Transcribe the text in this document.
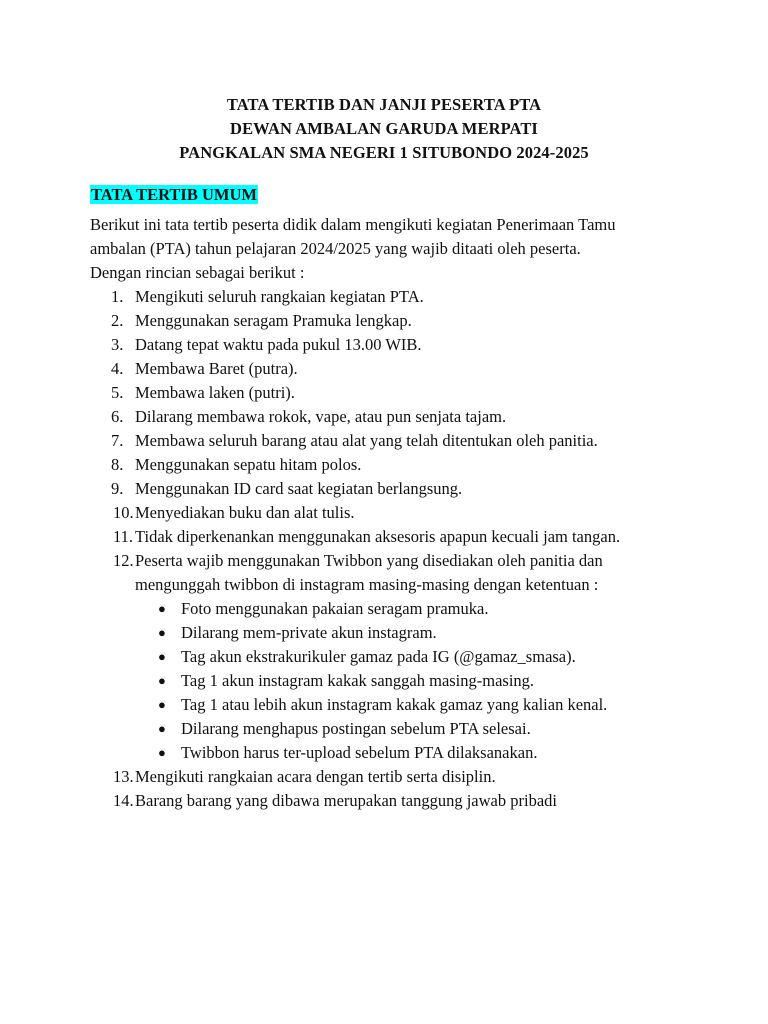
TATA TERTIB DAN JANJI PESERTA PTA
DEWAN AMBALAN GARUDA MERPATI
PANGKALAN SMA NEGERI 1 SITUBONDO 2024-2025
TATA TERTIB UMUM
Berikut ini tata tertib peserta didik dalam mengikuti kegiatan Penerimaan Tamu
ambalan (PTA) tahun pelajaran 2024/2025 yang wajib ditaati oleh peserta.
Dengan rincian sebagai berikut :
1. Mengikuti seluruh rangkaian kegiatan PTA.
2. Menggunakan seragam Pramuka lengkap.
3. Datang tepat waktu pada pukul 13.00 WIB.
4. Membawa Baret (putra).
5. Membawa laken (putri).
6. Dilarang membawa rokok, vape, atau pun senjata tajam.
7. Membawa seluruh barang atau alat yang telah ditentukan oleh panitia.
8. Menggunakan sepatu hitam polos.
9. Menggunakan ID card saat kegiatan berlangsung.
10. Menyediakan buku dan alat tulis.
11. Tidak diperkenankan menggunakan aksesoris apapun kecuali jam tangan.
12. Peserta wajib menggunakan Twibbon yang disediakan oleh panitia dan
mengunggah twibbon di instagram masing-masing dengan ketentuan :
● Foto menggunakan pakaian seragam pramuka.
● Dilarang mem-private akun instagram.
● Tag akun ekstrakurikuler gamaz pada IG (@gamaz_smasa).
● Tag 1 akun instagram kakak sanggah masing-masing.
● Tag 1 atau lebih akun instagram kakak gamaz yang kalian kenal.
● Dilarang menghapus postingan sebelum PTA selesai.
● Twibbon harus ter-upload sebelum PTA dilaksanakan.
13. Mengikuti rangkaian acara dengan tertib serta disiplin.
14. Barang barang yang dibawa merupakan tanggung jawab pribadi
